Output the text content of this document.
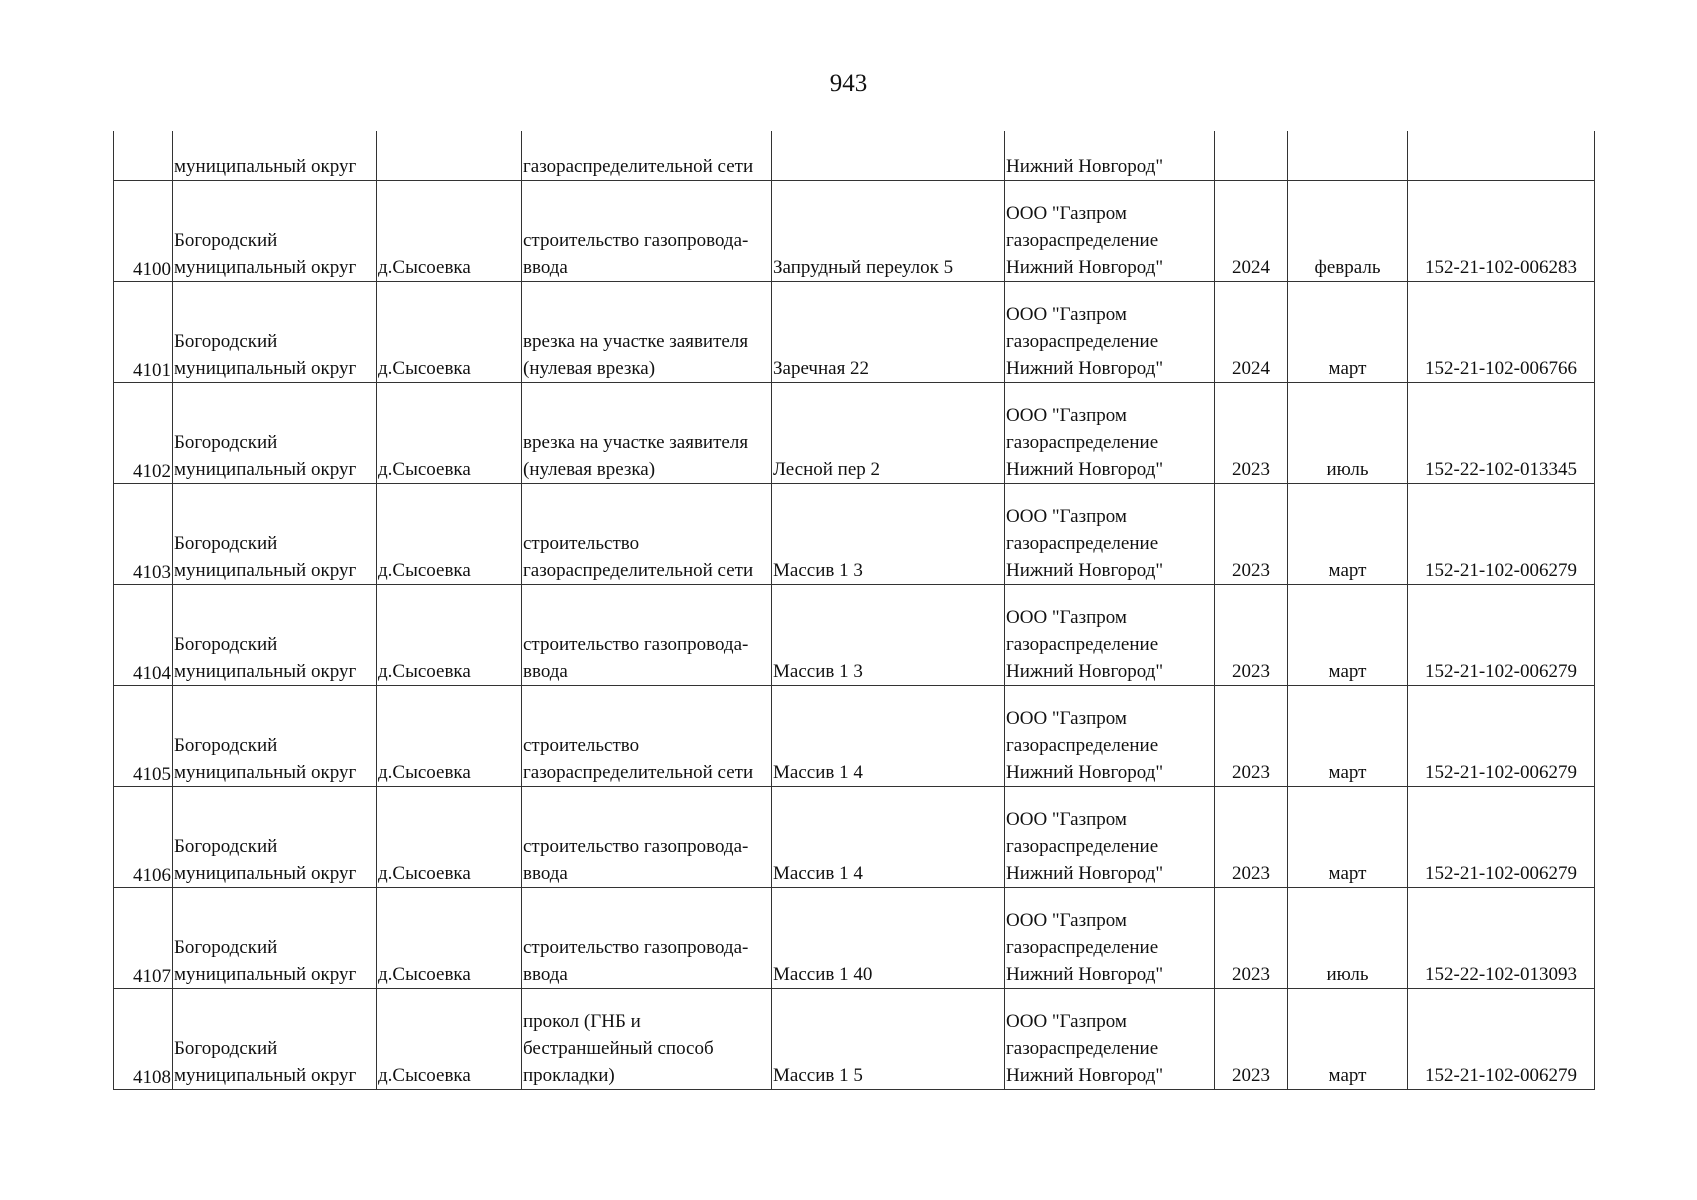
943
	муниципальный округ		газораспределительной сети		Нижний Новгород"			
4100	Богородский муниципальный округ	д.Сысоевка	строительство газопровода-ввода	Запрудный переулок 5	ООО "Газпром газораспределение Нижний Новгород"	2024	февраль	152-21-102-006283
4101	Богородский муниципальный округ	д.Сысоевка	врезка на участке заявителя (нулевая врезка)	Заречная 22	ООО "Газпром газораспределение Нижний Новгород"	2024	март	152-21-102-006766
4102	Богородский муниципальный округ	д.Сысоевка	врезка на участке заявителя (нулевая врезка)	Лесной пер 2	ООО "Газпром газораспределение Нижний Новгород"	2023	июль	152-22-102-013345
4103	Богородский муниципальный округ	д.Сысоевка	строительство газораспределительной сети	Массив 1 3	ООО "Газпром газораспределение Нижний Новгород"	2023	март	152-21-102-006279
4104	Богородский муниципальный округ	д.Сысоевка	строительство газопровода-ввода	Массив 1 3	ООО "Газпром газораспределение Нижний Новгород"	2023	март	152-21-102-006279
4105	Богородский муниципальный округ	д.Сысоевка	строительство газораспределительной сети	Массив 1 4	ООО "Газпром газораспределение Нижний Новгород"	2023	март	152-21-102-006279
4106	Богородский муниципальный округ	д.Сысоевка	строительство газопровода-ввода	Массив 1 4	ООО "Газпром газораспределение Нижний Новгород"	2023	март	152-21-102-006279
4107	Богородский муниципальный округ	д.Сысоевка	строительство газопровода-ввода	Массив 1 40	ООО "Газпром газораспределение Нижний Новгород"	2023	июль	152-22-102-013093
4108	Богородский муниципальный округ	д.Сысоевка	прокол (ГНБ и бестраншейный способ прокладки)	Массив 1 5	ООО "Газпром газораспределение Нижний Новгород"	2023	март	152-21-102-006279
